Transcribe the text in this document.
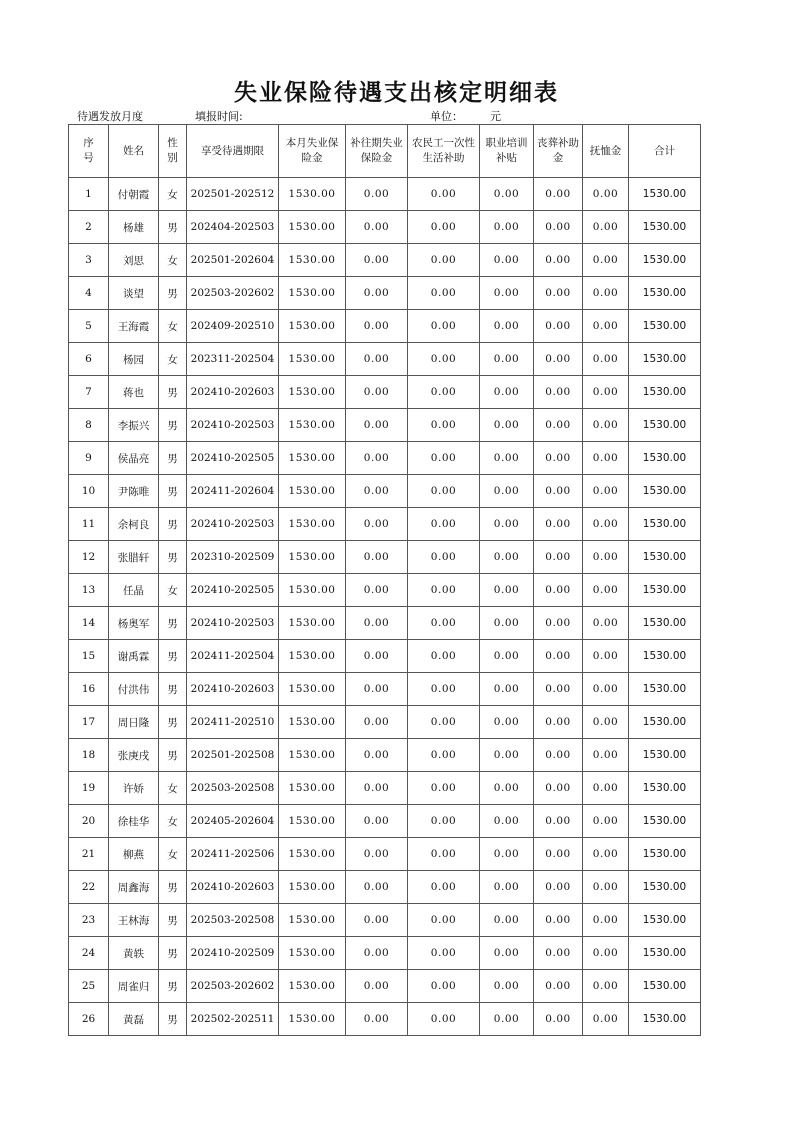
失业保险待遇支出核定明细表
待遇发放月度	填报时间:	单位： 元
序号	姓名	性别	享受待遇期限	本月失业保险金	补往期失业保险金	农民工一次性生活补助	职业培训补贴	丧葬补助金	抚恤金	合计
1	付朝霞	女	202501-202512	1530.00	0.00	0.00	0.00	0.00	0.00	1530.00
2	杨雄	男	202404-202503	1530.00	0.00	0.00	0.00	0.00	0.00	1530.00
3	刘思	女	202501-202604	1530.00	0.00	0.00	0.00	0.00	0.00	1530.00
4	谈望	男	202503-202602	1530.00	0.00	0.00	0.00	0.00	0.00	1530.00
5	王海霞	女	202409-202510	1530.00	0.00	0.00	0.00	0.00	0.00	1530.00
6	杨园	女	202311-202504	1530.00	0.00	0.00	0.00	0.00	0.00	1530.00
7	蒋也	男	202410-202603	1530.00	0.00	0.00	0.00	0.00	0.00	1530.00
8	李振兴	男	202410-202503	1530.00	0.00	0.00	0.00	0.00	0.00	1530.00
9	侯晶亮	男	202410-202505	1530.00	0.00	0.00	0.00	0.00	0.00	1530.00
10	尹陈唯	男	202411-202604	1530.00	0.00	0.00	0.00	0.00	0.00	1530.00
11	余柯良	男	202410-202503	1530.00	0.00	0.00	0.00	0.00	0.00	1530.00
12	张腊轩	男	202310-202509	1530.00	0.00	0.00	0.00	0.00	0.00	1530.00
13	任晶	女	202410-202505	1530.00	0.00	0.00	0.00	0.00	0.00	1530.00
14	杨奥军	男	202410-202503	1530.00	0.00	0.00	0.00	0.00	0.00	1530.00
15	谢禹霖	男	202411-202504	1530.00	0.00	0.00	0.00	0.00	0.00	1530.00
16	付洪伟	男	202410-202603	1530.00	0.00	0.00	0.00	0.00	0.00	1530.00
17	周日隆	男	202411-202510	1530.00	0.00	0.00	0.00	0.00	0.00	1530.00
18	张庚戌	男	202501-202508	1530.00	0.00	0.00	0.00	0.00	0.00	1530.00
19	许娇	女	202503-202508	1530.00	0.00	0.00	0.00	0.00	0.00	1530.00
20	徐桂华	女	202405-202604	1530.00	0.00	0.00	0.00	0.00	0.00	1530.00
21	柳燕	女	202411-202506	1530.00	0.00	0.00	0.00	0.00	0.00	1530.00
22	周鑫海	男	202410-202603	1530.00	0.00	0.00	0.00	0.00	0.00	1530.00
23	王林海	男	202503-202508	1530.00	0.00	0.00	0.00	0.00	0.00	1530.00
24	黄轶	男	202410-202509	1530.00	0.00	0.00	0.00	0.00	0.00	1530.00
25	周雀归	男	202503-202602	1530.00	0.00	0.00	0.00	0.00	0.00	1530.00
26	黄磊	男	202502-202511	1530.00	0.00	0.00	0.00	0.00	0.00	1530.00
